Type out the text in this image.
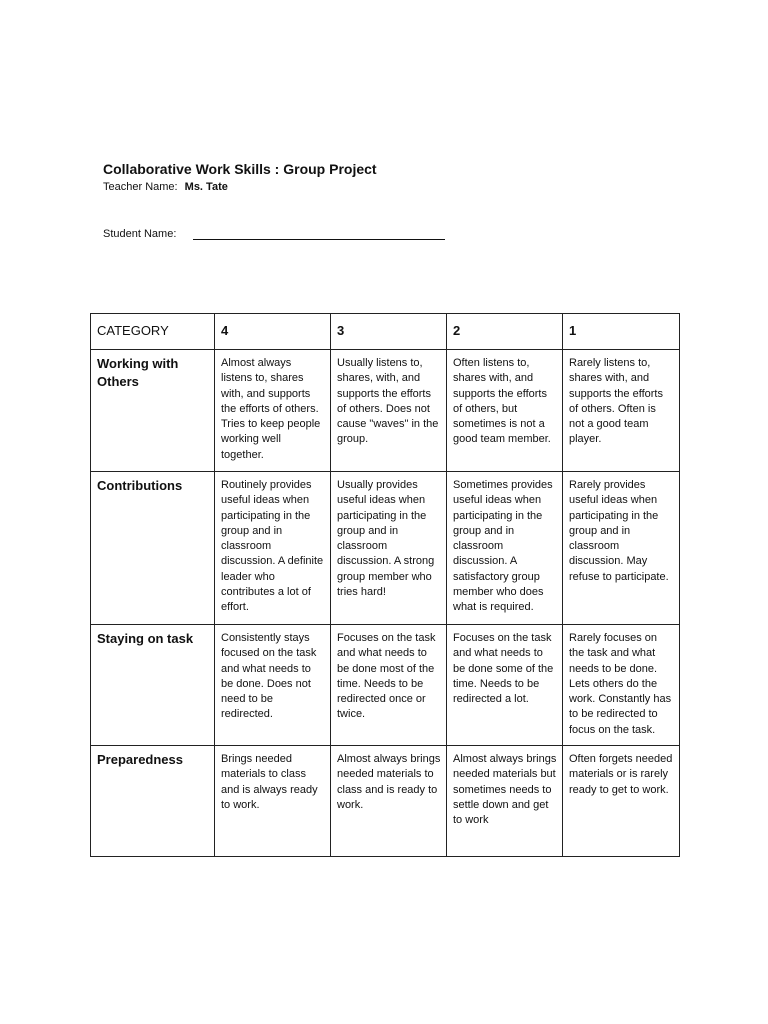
Collaborative Work Skills : Group Project
Teacher Name: Ms. Tate
Student Name:
CATEGORY	4	3	2	1
Working with Others	Almost always listens to, shares with, and supports the efforts of others. Tries to keep people working well together.	Usually listens to, shares, with, and supports the efforts of others. Does not cause "waves" in the group.	Often listens to, shares with, and supports the efforts of others, but sometimes is not a good team member.	Rarely listens to, shares with, and supports the efforts of others. Often is not a good team player.
Contributions	Routinely provides useful ideas when participating in the group and in classroom discussion. A definite leader who contributes a lot of effort.	Usually provides useful ideas when participating in the group and in classroom discussion. A strong group member who tries hard!	Sometimes provides useful ideas when participating in the group and in classroom discussion. A satisfactory group member who does what is required.	Rarely provides useful ideas when participating in the group and in classroom discussion. May refuse to participate.
Staying on task	Consistently stays focused on the task and what needs to be done. Does not need to be redirected.	Focuses on the task and what needs to be done most of the time. Needs to be redirected once or twice.	Focuses on the task and what needs to be done some of the time. Needs to be redirected a lot.	Rarely focuses on the task and what needs to be done. Lets others do the work. Constantly has to be redirected to focus on the task.
Preparedness	Brings needed materials to class and is always ready to work.	Almost always brings needed materials to class and is ready to work.	Almost always brings needed materials but sometimes needs to settle down and get to work	Often forgets needed materials or is rarely ready to get to work.
